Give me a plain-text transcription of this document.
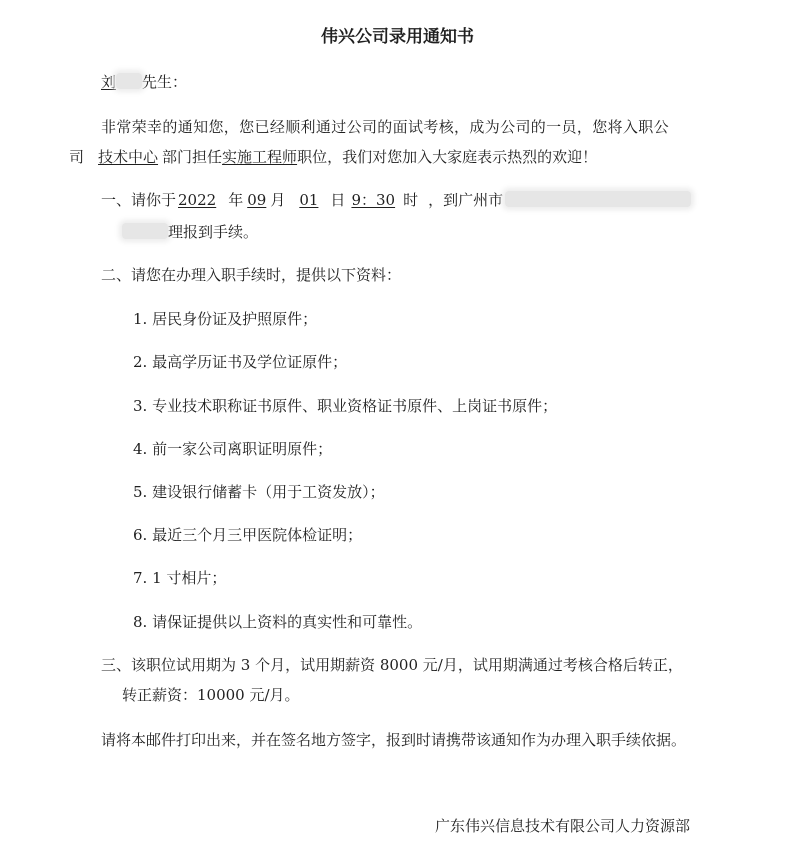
伟兴公司录用通知书
刘 先生：
非常荣幸的通知您，您已经顺利通过公司的面试考核，成为公司的一员，您将入职公
司 技术中心 部门担任实施工程师职位，我们对您加入大家庭表示热烈的欢迎！
一、请你于 2022 年 09 月 01 日 9：30 时 ，到广州市
理报到手续。
二、请您在办理入职手续时，提供以下资料：
1. 居民身份证及护照原件；
2. 最高学历证书及学位证原件；
3. 专业技术职称证书原件、职业资格证书原件、上岗证书原件；
4. 前一家公司离职证明原件；
5. 建设银行储蓄卡（用于工资发放）；
6. 最近三个月三甲医院体检证明；
7. 1 寸相片；
8. 请保证提供以上资料的真实性和可靠性。
三、该职位试用期为 3 个月，试用期薪资 8000 元/月，试用期满通过考核合格后转正，
转正薪资：10000 元/月。
请将本邮件打印出来，并在签名地方签字，报到时请携带该通知作为办理入职手续依据。
广东伟兴信息技术有限公司人力资源部
